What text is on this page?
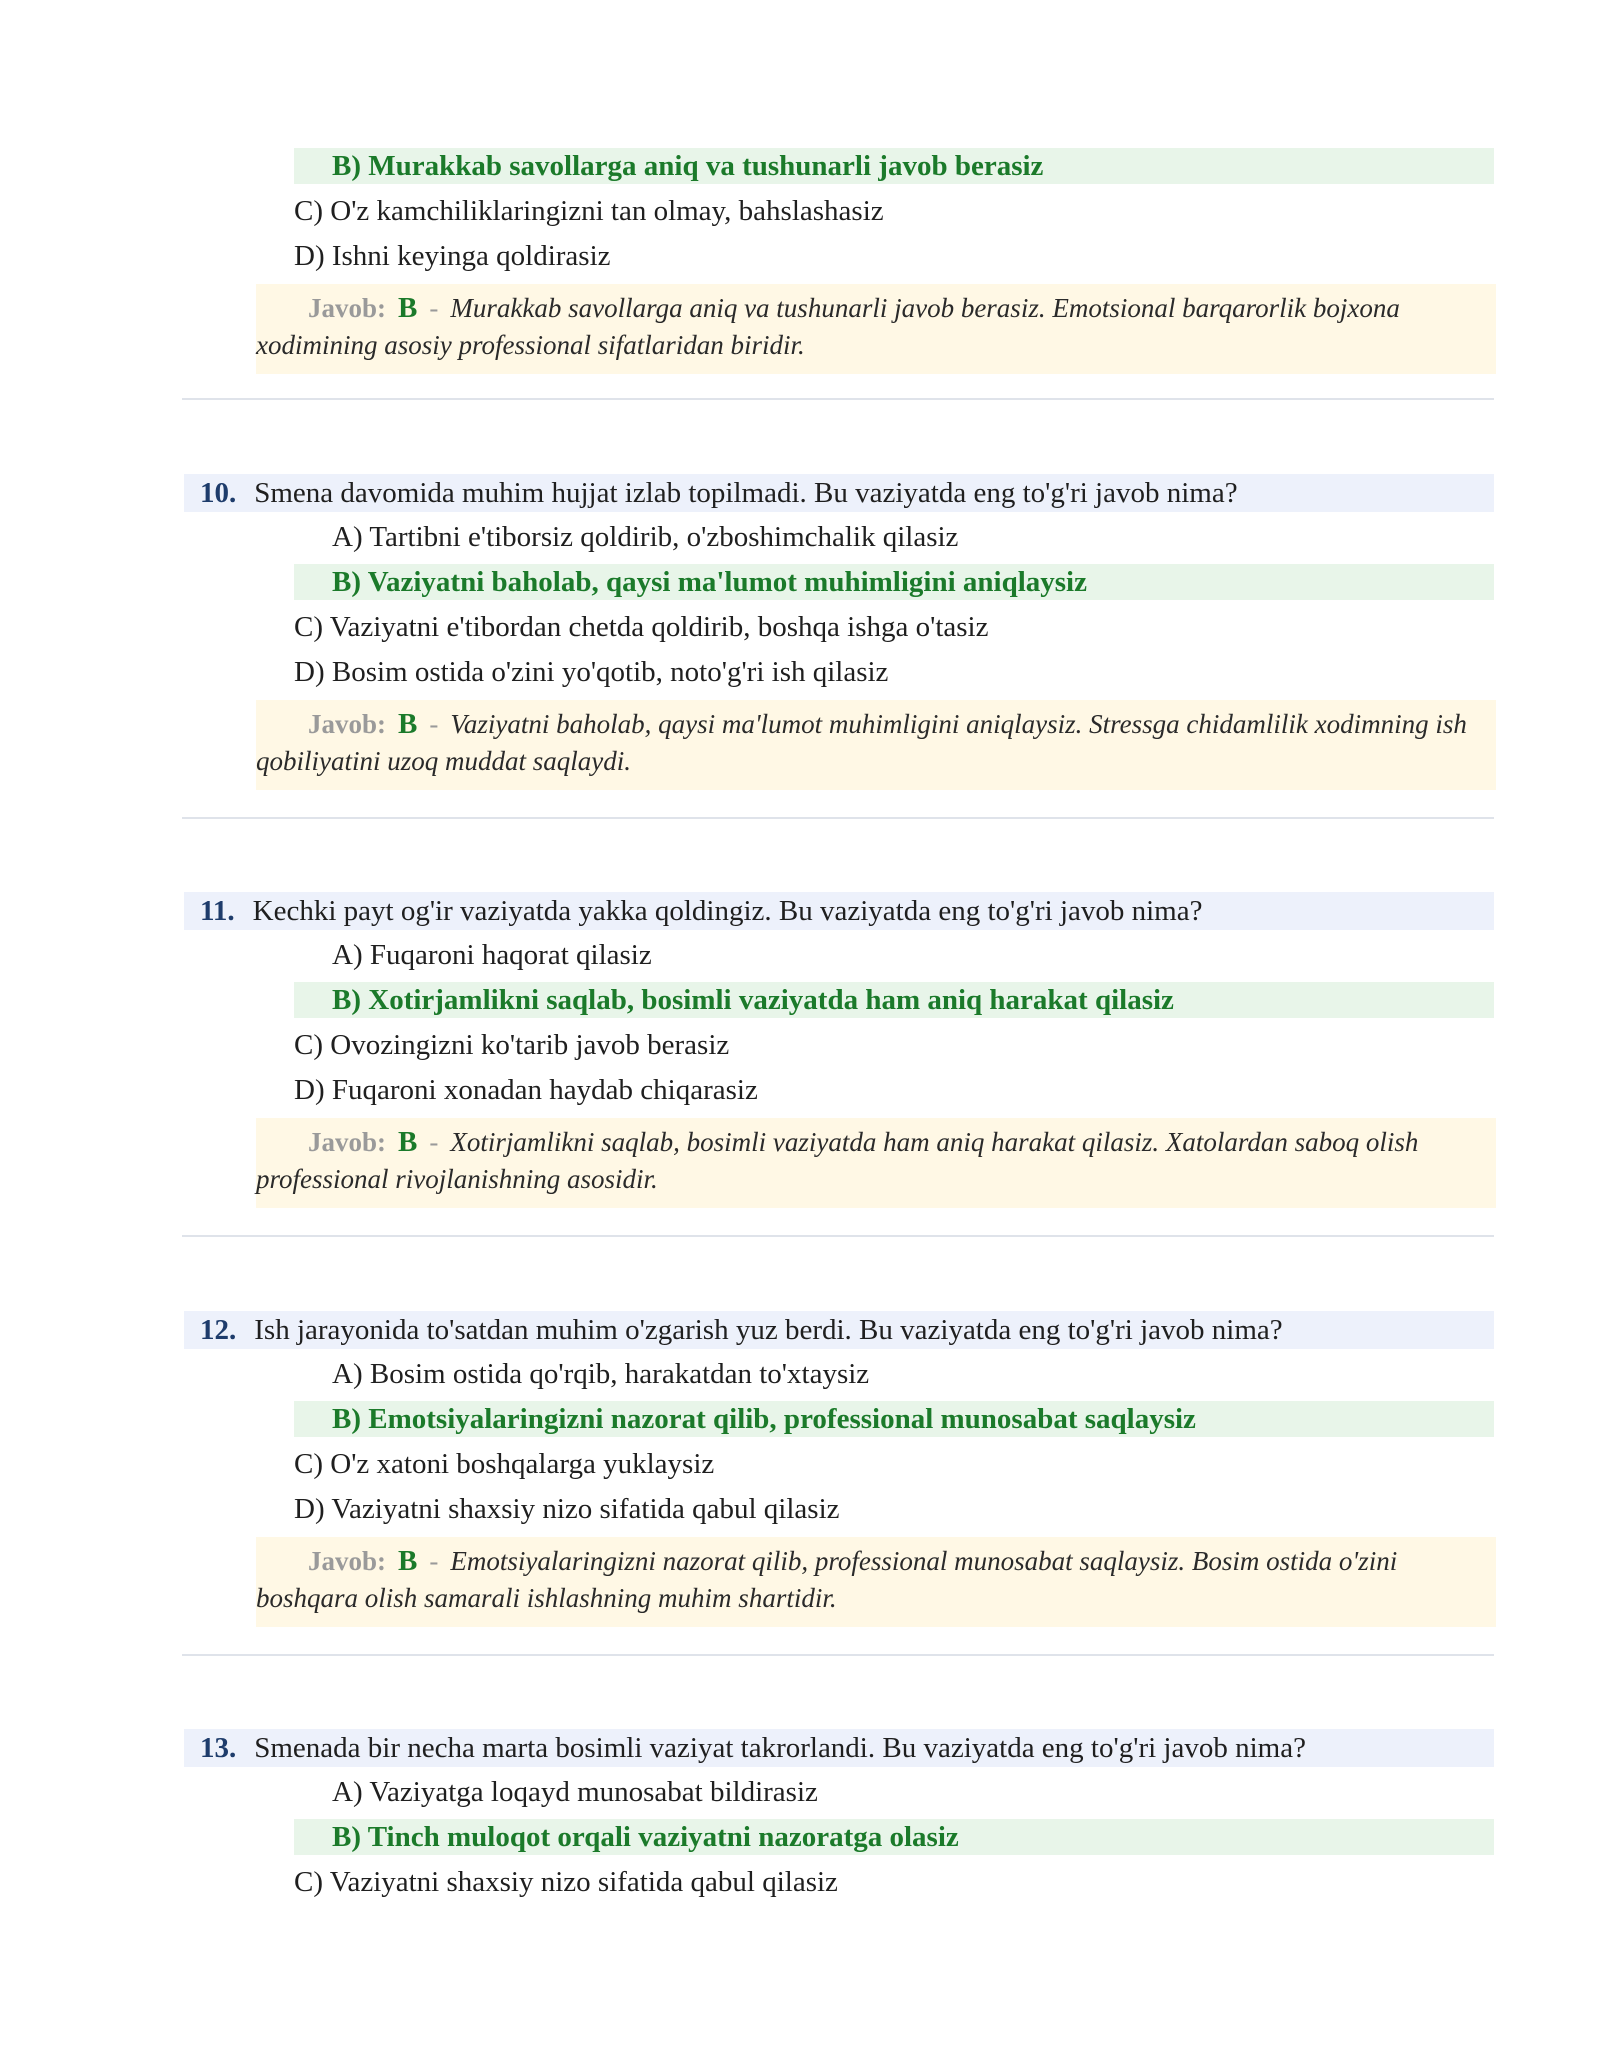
B) Murakkab savollarga aniq va tushunarli javob berasiz
C) O'z kamchiliklaringizni tan olmay, bahslashasiz
D) Ishni keyinga qoldirasiz
Javob: B - Murakkab savollarga aniq va tushunarli javob berasiz. Emotsional barqarorlik bojxona xodimining asosiy professional sifatlaridan biridir.
10. Smena davomida muhim hujjat izlab topilmadi. Bu vaziyatda eng to'g'ri javob nima?
A) Tartibni e'tiborsiz qoldirib, o'zboshimchalik qilasiz
B) Vaziyatni baholab, qaysi ma'lumot muhimligini aniqlaysiz
C) Vaziyatni e'tibordan chetda qoldirib, boshqa ishga o'tasiz
D) Bosim ostida o'zini yo'qotib, noto'g'ri ish qilasiz
Javob: B - Vaziyatni baholab, qaysi ma'lumot muhimligini aniqlaysiz. Stressga chidamlilik xodimning ish qobiliyatini uzoq muddat saqlaydi.
11. Kechki payt og'ir vaziyatda yakka qoldingiz. Bu vaziyatda eng to'g'ri javob nima?
A) Fuqaroni haqorat qilasiz
B) Xotirjamlikni saqlab, bosimli vaziyatda ham aniq harakat qilasiz
C) Ovozingizni ko'tarib javob berasiz
D) Fuqaroni xonadan haydab chiqarasiz
Javob: B - Xotirjamlikni saqlab, bosimli vaziyatda ham aniq harakat qilasiz. Xatolardan saboq olish professional rivojlanishning asosidir.
12. Ish jarayonida to'satdan muhim o'zgarish yuz berdi. Bu vaziyatda eng to'g'ri javob nima?
A) Bosim ostida qo'rqib, harakatdan to'xtaysiz
B) Emotsiyalaringizni nazorat qilib, professional munosabat saqlaysiz
C) O'z xatoni boshqalarga yuklaysiz
D) Vaziyatni shaxsiy nizo sifatida qabul qilasiz
Javob: B - Emotsiyalaringizni nazorat qilib, professional munosabat saqlaysiz. Bosim ostida o'zini boshqara olish samarali ishlashning muhim shartidir.
13. Smenada bir necha marta bosimli vaziyat takrorlandi. Bu vaziyatda eng to'g'ri javob nima?
A) Vaziyatga loqayd munosabat bildirasiz
B) Tinch muloqot orqali vaziyatni nazoratga olasiz
C) Vaziyatni shaxsiy nizo sifatida qabul qilasiz
